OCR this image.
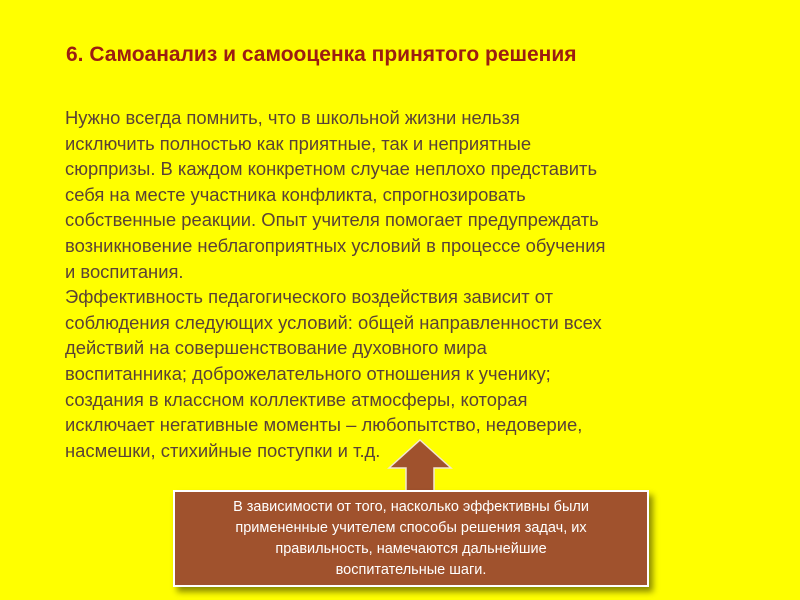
6. Самоанализ и самооценка принятого решения

Нужно всегда помнить, что в школьной жизни нельзя

исключить полностью как приятные, так и неприятные

сюрпризы. В каждом конкретном случае неплохо представить

себя на месте участника конфликта, спрогнозировать

собственные реакции. Опыт учителя помогает предупреждать

возникновение неблагоприятных условий в процессе обучения

и воспитания.

Эффективность педагогического воздействия зависит от

соблюдения следующих условий: общей направленности всех

действий на совершенствование духовного мира

воспитанника; доброжелательного отношения к ученику;

создания в классном коллективе атмосферы, которая

исключает негативные моменты – любопытство, недоверие,

насмешки, стихийные поступки и т.д.

В зависимости от того, насколько эффективны были
примененные учителем способы решения задач, их
правильность, намечаются дальнейшие
воспитательные шаги.
